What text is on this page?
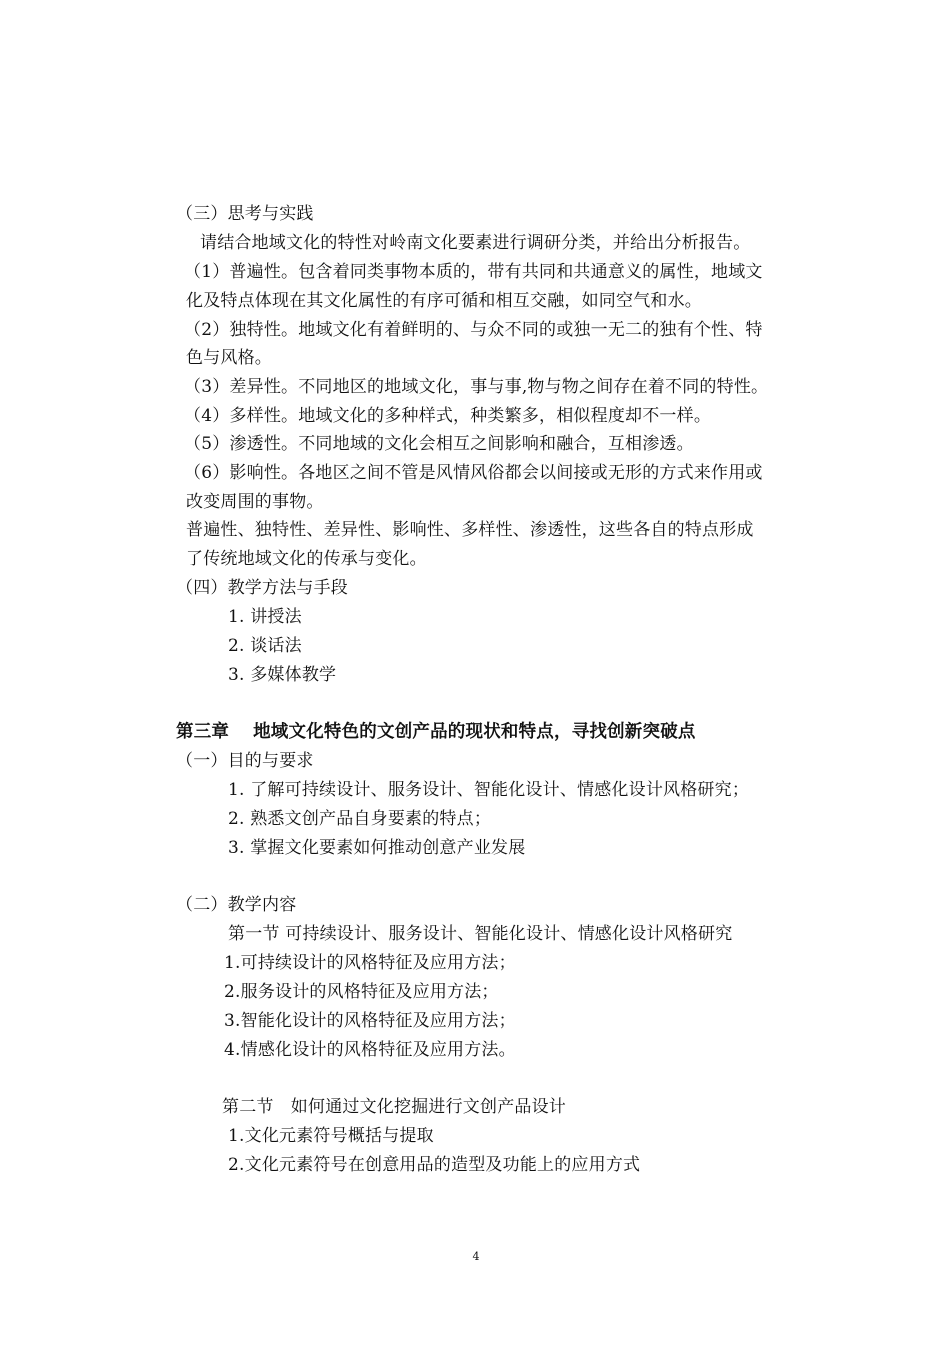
（三）思考与实践
请结合地域文化的特性对岭南文化要素进行调研分类，并给出分析报告。
（1）普遍性。包含着同类事物本质的，带有共同和共通意义的属性，地域文
化及特点体现在其文化属性的有序可循和相互交融，如同空气和水。
（2）独特性。地域文化有着鲜明的、与众不同的或独一无二的独有个性、特
色与风格。
（3）差异性。不同地区的地域文化，事与事,物与物之间存在着不同的特性。
（4）多样性。地域文化的多种样式，种类繁多，相似程度却不一样。
（5）渗透性。不同地域的文化会相互之间影响和融合，互相渗透。
（6）影响性。各地区之间不管是风情风俗都会以间接或无形的方式来作用或
改变周围的事物。
普遍性、独特性、差异性、影响性、多样性、渗透性，这些各自的特点形成
了传统地域文化的传承与变化。
（四）教学方法与手段
1. 讲授法
2. 谈话法
3. 多媒体教学
第三章　 地域文化特色的文创产品的现状和特点，寻找创新突破点
（一）目的与要求
1. 了解可持续设计、服务设计、智能化设计、情感化设计风格研究；
2. 熟悉文创产品自身要素的特点；
3. 掌握文化要素如何推动创意产业发展
（二）教学内容
第一节 可持续设计、服务设计、智能化设计、情感化设计风格研究
1.可持续设计的风格特征及应用方法；
2.服务设计的风格特征及应用方法；
3.智能化设计的风格特征及应用方法；
4.情感化设计的风格特征及应用方法。
第二节　如何通过文化挖掘进行文创产品设计
1.文化元素符号概括与提取
2.文化元素符号在创意用品的造型及功能上的应用方式
4
